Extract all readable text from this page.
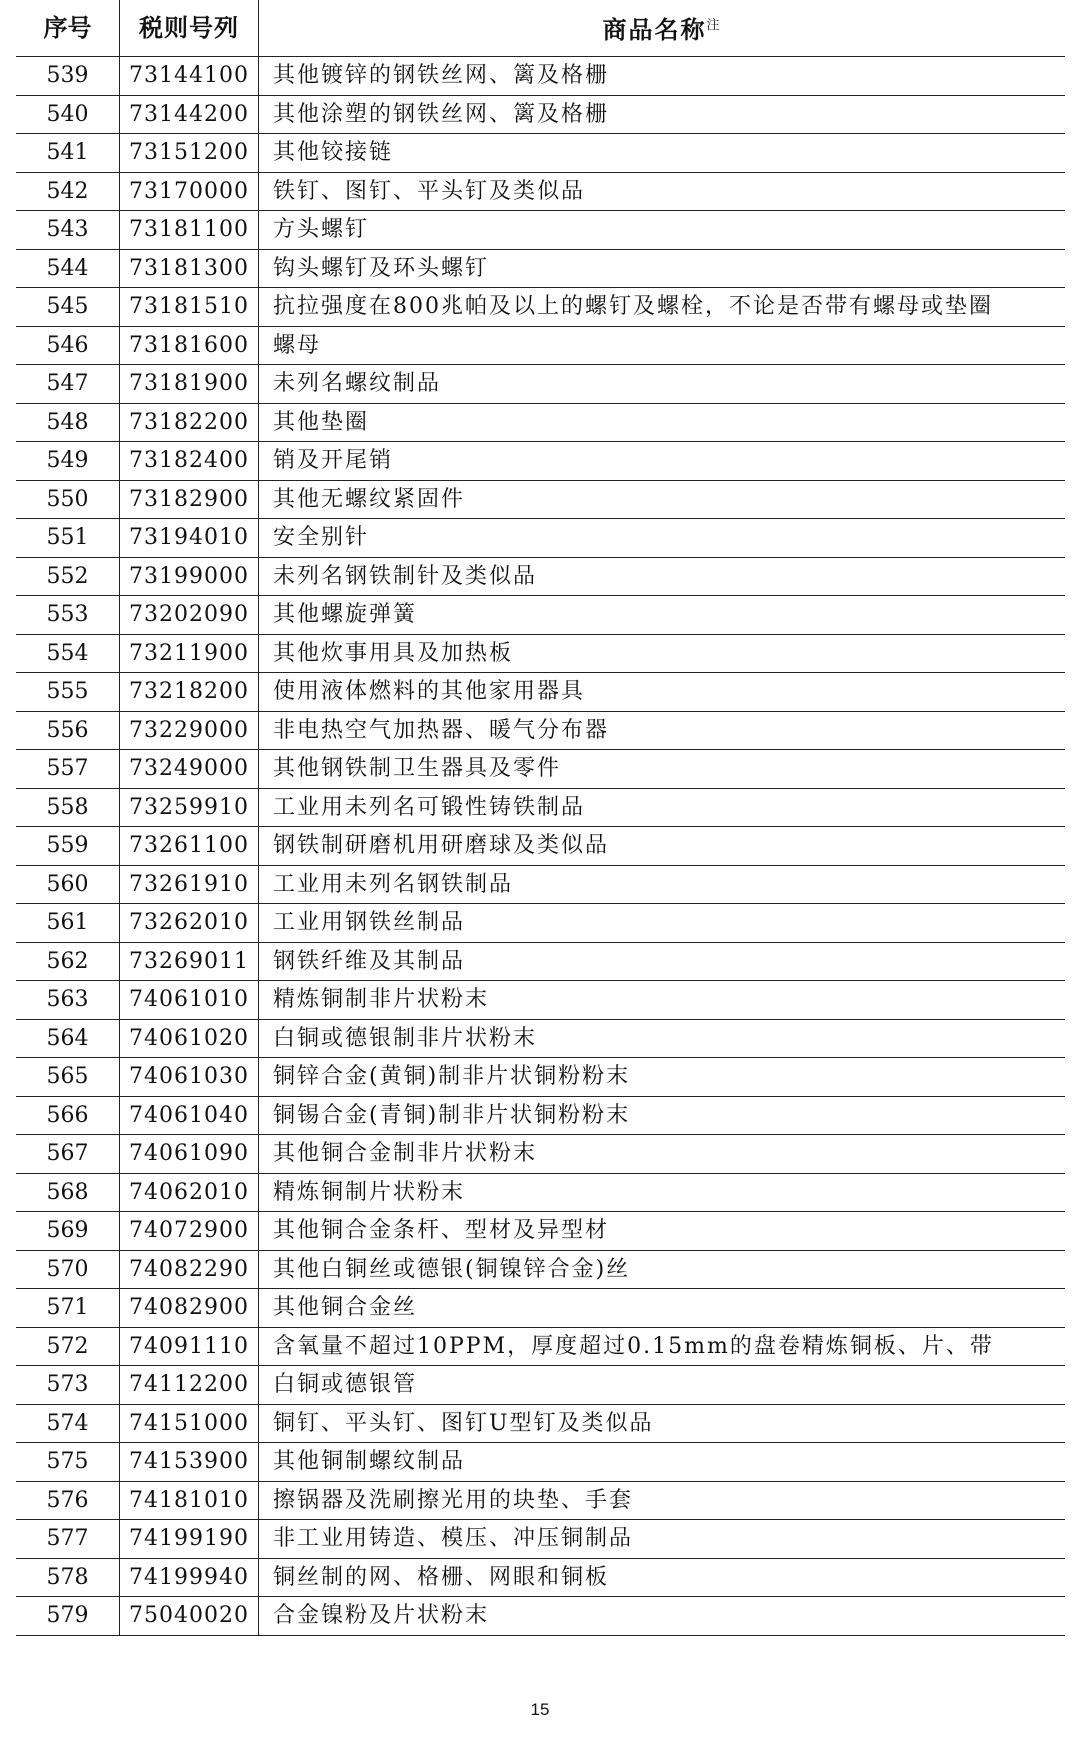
序号	税则号列	商品名称$^注$
539	73144100	其他镀锌的钢铁丝网、篱及格栅
540	73144200	其他涂塑的钢铁丝网、篱及格栅
541	73151200	其他铰接链
542	73170000	铁钉、图钉、平头钉及类似品
543	73181100	方头螺钉
544	73181300	钩头螺钉及环头螺钉
545	73181510	抗拉强度在800兆帕及以上的螺钉及螺栓，不论是否带有螺母或垫圈
546	73181600	螺母
547	73181900	未列名螺纹制品
548	73182200	其他垫圈
549	73182400	销及开尾销
550	73182900	其他无螺纹紧固件
551	73194010	安全别针
552	73199000	未列名钢铁制针及类似品
553	73202090	其他螺旋弹簧
554	73211900	其他炊事用具及加热板
555	73218200	使用液体燃料的其他家用器具
556	73229000	非电热空气加热器、暖气分布器
557	73249000	其他钢铁制卫生器具及零件
558	73259910	工业用未列名可锻性铸铁制品
559	73261100	钢铁制研磨机用研磨球及类似品
560	73261910	工业用未列名钢铁制品
561	73262010	工业用钢铁丝制品
562	73269011	钢铁纤维及其制品
563	74061010	精炼铜制非片状粉末
564	74061020	白铜或德银制非片状粉末
565	74061030	铜锌合金(黄铜)制非片状铜粉粉末
566	74061040	铜锡合金(青铜)制非片状铜粉粉末
567	74061090	其他铜合金制非片状粉末
568	74062010	精炼铜制片状粉末
569	74072900	其他铜合金条杆、型材及异型材
570	74082290	其他白铜丝或德银(铜镍锌合金)丝
571	74082900	其他铜合金丝
572	74091110	含氧量不超过10PPM，厚度超过0.15mm的盘卷精炼铜板、片、带
573	74112200	白铜或德银管
574	74151000	铜钉、平头钉、图钉U型钉及类似品
575	74153900	其他铜制螺纹制品
576	74181010	擦锅器及洗刷擦光用的块垫、手套
577	74199190	非工业用铸造、模压、冲压铜制品
578	74199940	铜丝制的网、格栅、网眼和铜板
579	75040020	合金镍粉及片状粉末
15
